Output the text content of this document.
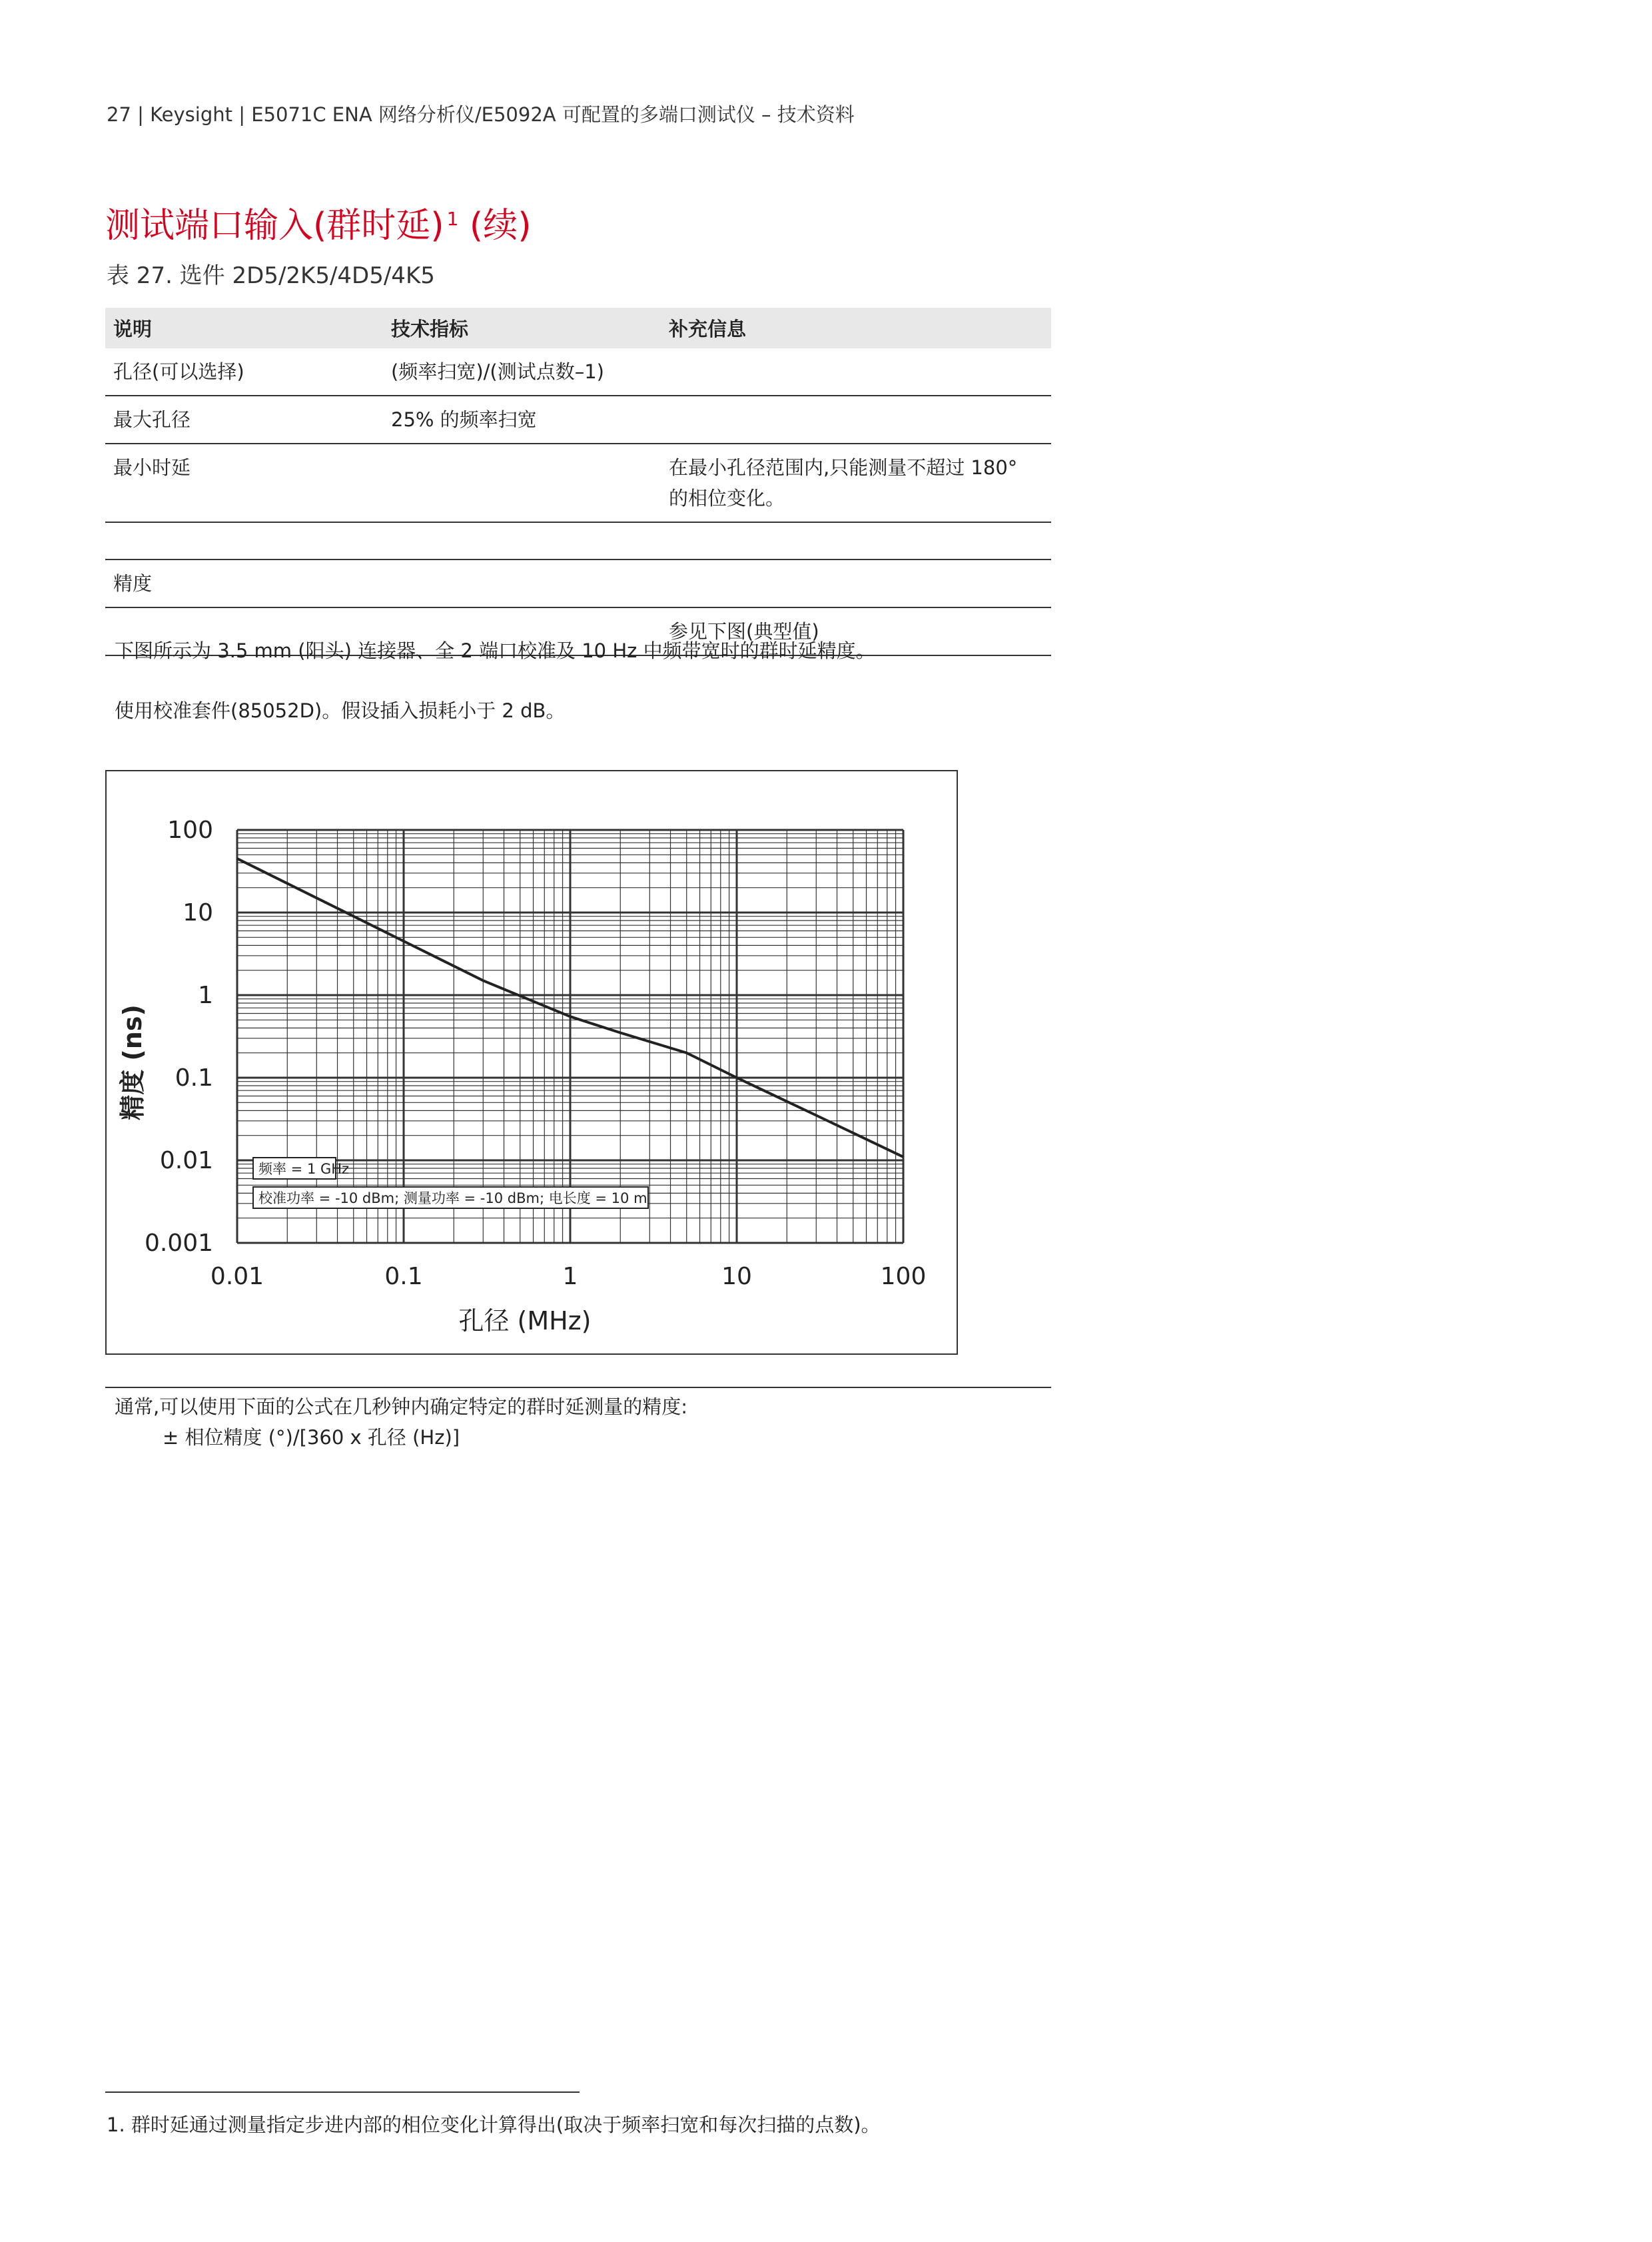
27 | Keysight | E5071C ENA 网络分析仪/E5092A 可配置的多端口测试仪 – 技术资料
测试端口输入(群时延) $^1$ (续)
表 27. 选件 2D5/2K5/4D5/4K5
说明	技术指标	补充信息
孔径(可以选择)	(频率扫宽)/(测试点数–1)	
最大孔径	25% 的频率扫宽	
最小时延		在最小孔径范围内,只能测量不超过 180° 的相位变化。

精度		
		参见下图(典型值)
下图所示为 3.5 mm (阳头) 连接器、全 2 端口校准及 10 Hz 中频带宽时的群时延精度。
使用校准套件(85052D)。假设插入损耗小于 2 dB。
0.01	0.1	1	10	100
100
10
1
0.1
0.01
0.001
孔径 (MHz)
精度 (ns)
频率 = 1 GHz
校准功率 = -10 dBm; 测量功率 = -10 dBm; 电长度 = 10 m
通常,可以使用下面的公式在几秒钟内确定特定的群时延测量的精度:
± 相位精度 (°)/[360 x 孔径 (Hz)]
1. 群时延通过测量指定步进内部的相位变化计算得出(取决于频率扫宽和每次扫描的点数)。
